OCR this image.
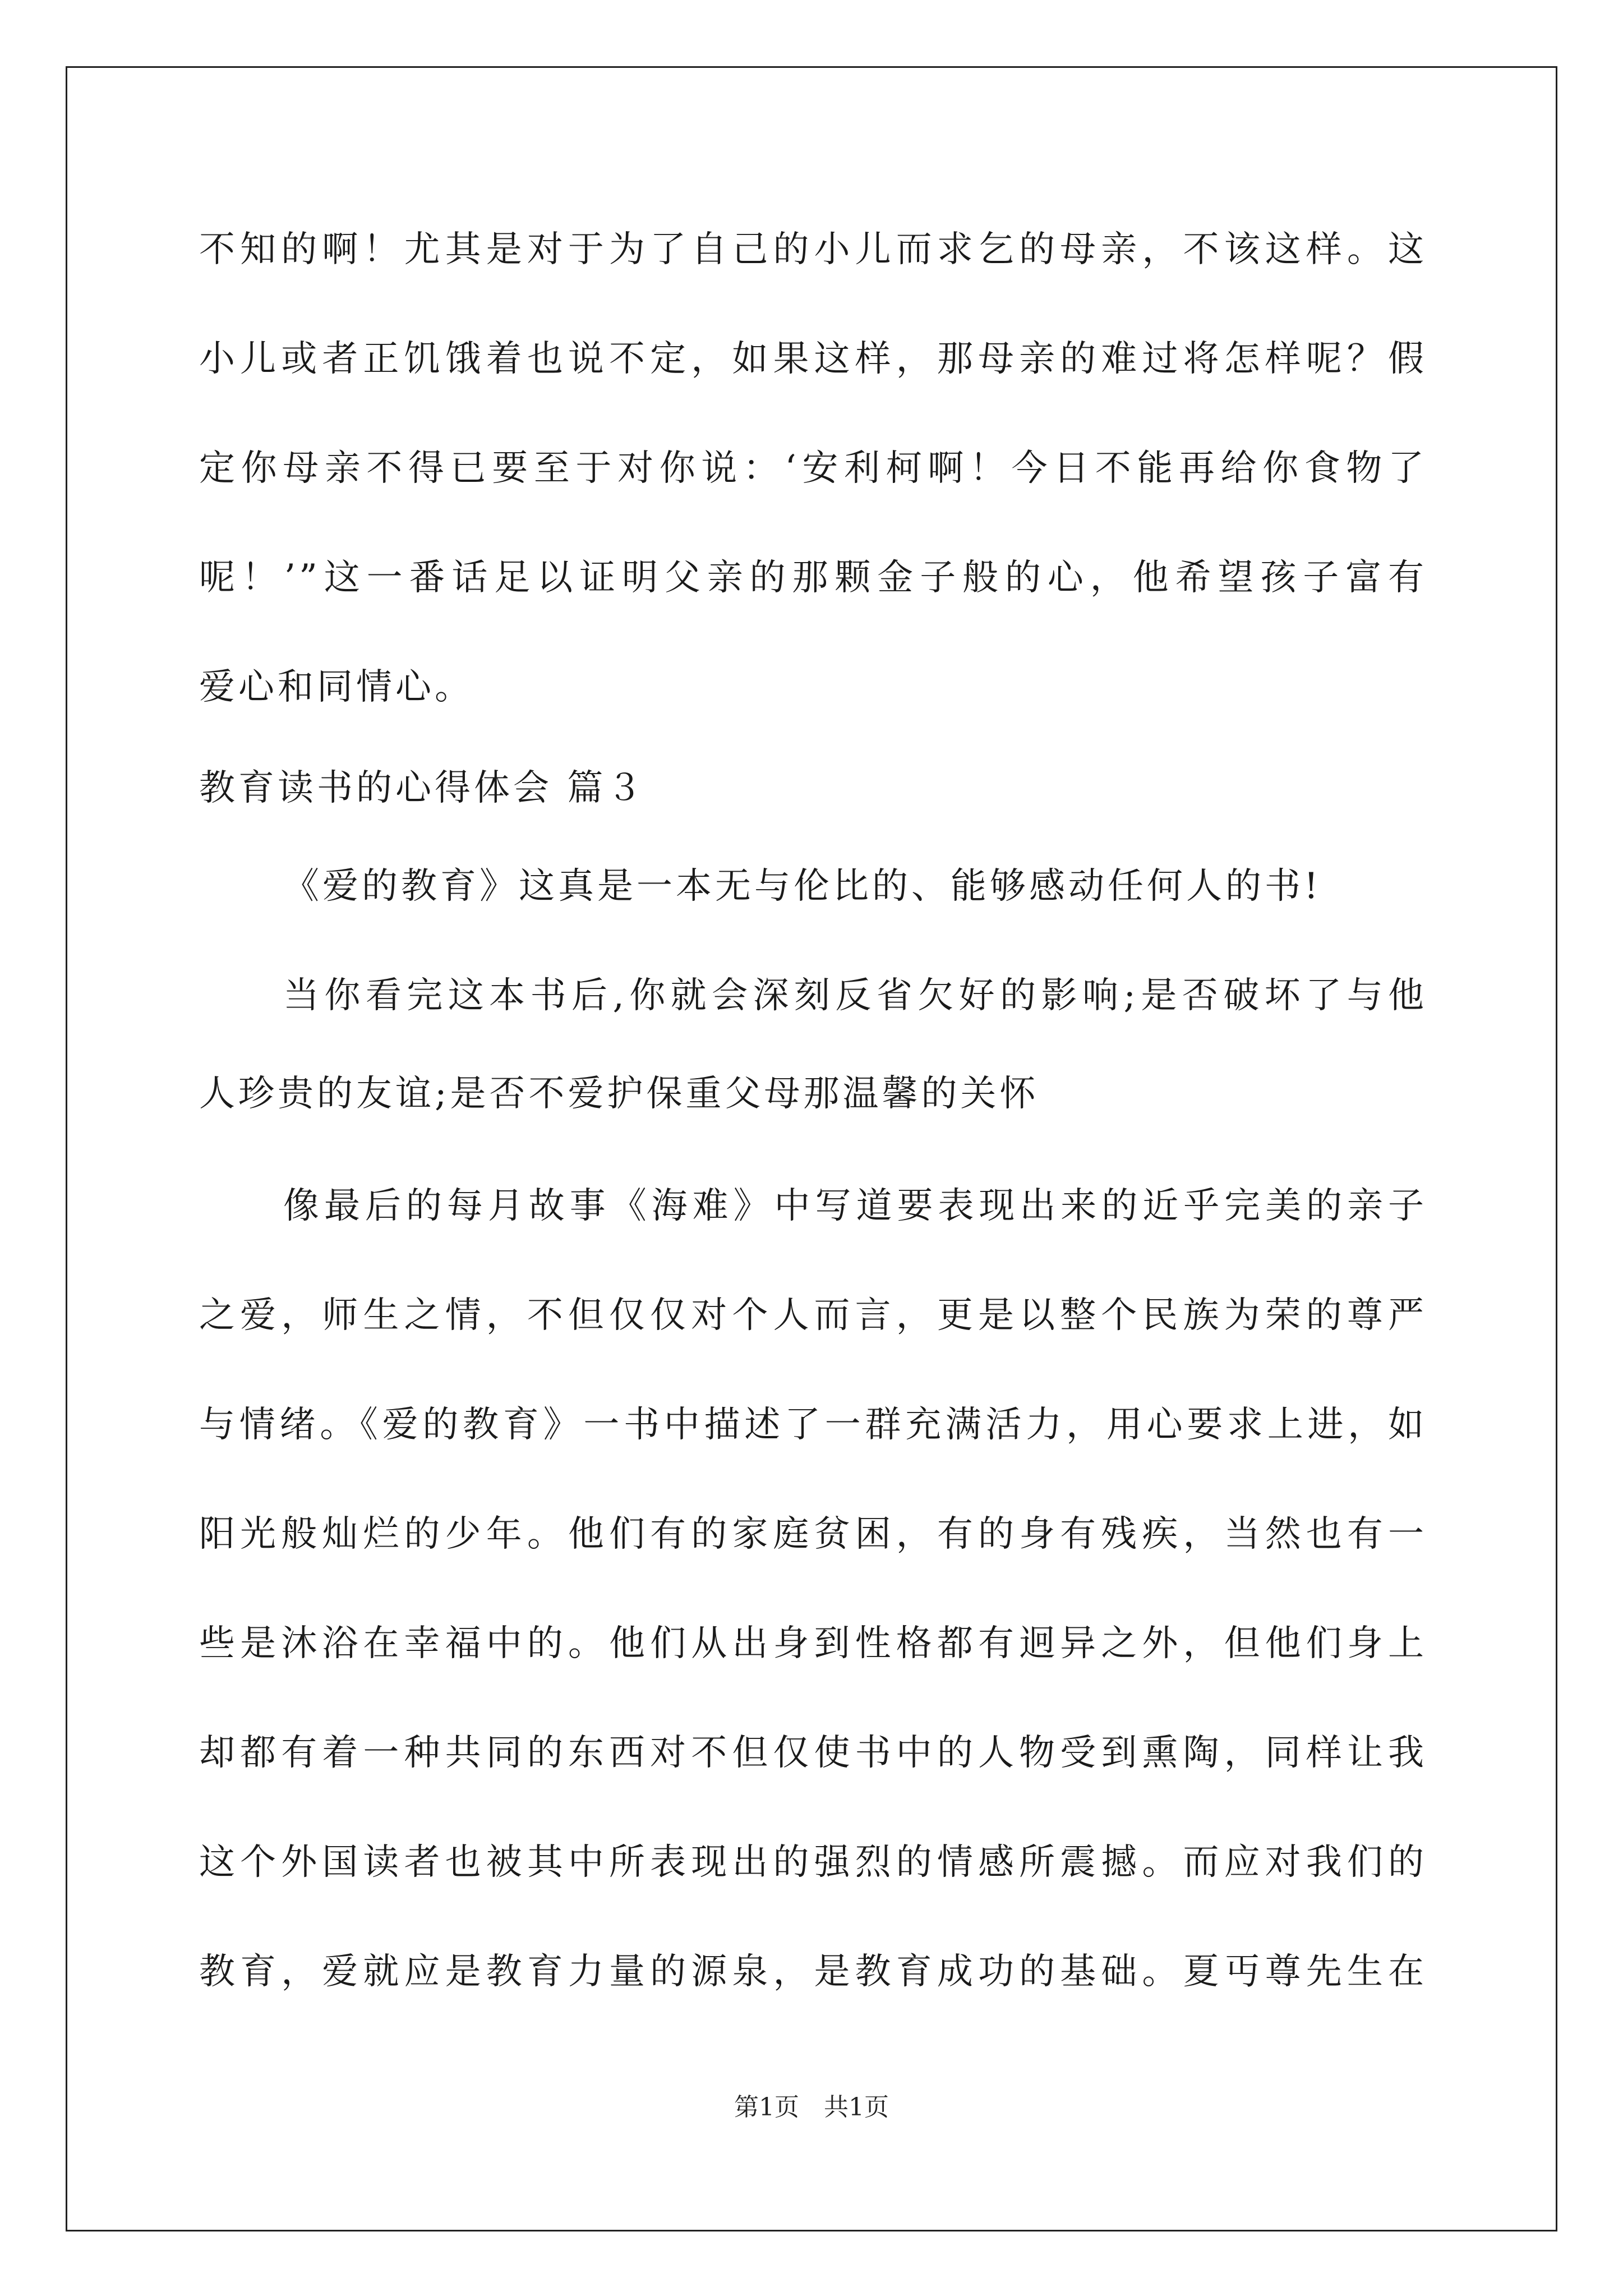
不知的啊！尤其是对于为了自己的小儿而求乞的母亲，不该这样。这
小儿或者正饥饿着也说不定，如果这样，那母亲的难过将怎样呢？假
定你母亲不得已要至于对你说：‘安利柯啊！今日不能再给你食物了
呢！’”这一番话足以证明父亲的那颗金子般的心，他希望孩子富有
爱心和同情心。
教育读书的心得体会 篇３
《爱的教育》这真是一本无与伦比的、能够感动任何人的书!
当你看完这本书后,你就会深刻反省欠好的影响;是否破坏了与他
人珍贵的友谊;是否不爱护保重父母那温馨的关怀
像最后的每月故事《海难》中写道要表现出来的近乎完美的亲子
之爱，师生之情，不但仅仅对个人而言，更是以整个民族为荣的尊严
与情绪。《爱的教育》一书中描述了一群充满活力，用心要求上进，如
阳光般灿烂的少年。他们有的家庭贫困，有的身有残疾，当然也有一
些是沐浴在幸福中的。他们从出身到性格都有迥异之外，但他们身上
却都有着一种共同的东西对不但仅使书中的人物受到熏陶，同样让我
这个外国读者也被其中所表现出的强烈的情感所震撼。而应对我们的
教育，爱就应是教育力量的源泉，是教育成功的基础。夏丏尊先生在
第1页　共1页
